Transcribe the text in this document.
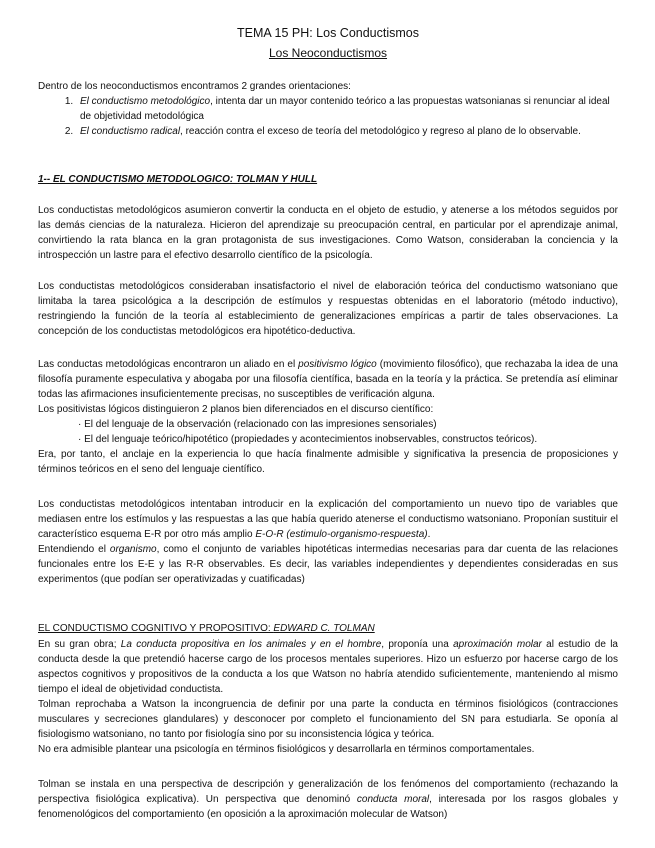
TEMA 15 PH: Los Conductismos
Los Neoconductismos

Dentro de los neoconductismos encontramos 2 grandes orientaciones:

1. El conductismo metodológico, intenta dar un mayor contenido teórico a las propuestas watsonianas si renunciar al ideal de objetividad metodológica
2. El conductismo radical, reacción contra el exceso de teoría del metodológico y regreso al plano de lo observable.

1-- EL CONDUCTISMO METODOLOGICO: TOLMAN Y HULL

Los conductistas metodológicos asumieron convertir la conducta en el objeto de estudio, y atenerse a los métodos seguidos por las demás ciencias de la naturaleza. Hicieron del aprendizaje su preocupación central, en particular por el aprendizaje animal, convirtiendo la rata blanca en la gran protagonista de sus investigaciones. Como Watson, consideraban la conciencia y la introspección un lastre para el efectivo desarrollo científico de la psicología.

Los conductistas metodológicos consideraban insatisfactorio el nivel de elaboración teórica del conductismo watsoniano que limitaba la tarea psicológica a la descripción de estímulos y respuestas obtenidas en el laboratorio (método inductivo), restringiendo la función de la teoría al establecimiento de generalizaciones empíricas a partir de tales observaciones. La concepción de los conductistas metodológicos era hipotético-deductiva.

Las conductas metodológicas encontraron un aliado en el positivismo lógico (movimiento filosófico), que rechazaba la idea de una filosofía puramente especulativa y abogaba por una filosofía científica, basada en la teoría y la práctica. Se pretendía así eliminar todas las afirmaciones insuficientemente precisas, no susceptibles de verificación alguna.

Los positivistas lógicos distinguieron 2 planos bien diferenciados en el discurso científico:

· El del lenguaje de la observación (relacionado con las impresiones sensoriales)

· El del lenguaje teórico/hipotético (propiedades y acontecimientos inobservables, constructos teóricos).

Era, por tanto, el anclaje en la experiencia lo que hacía finalmente admisible y significativa la presencia de proposiciones y términos teóricos en el seno del lenguaje científico.

Los conductistas metodológicos intentaban introducir en la explicación del comportamiento un nuevo tipo de variables que mediasen entre los estímulos y las respuestas a las que había querido atenerse el conductismo watsoniano. Proponían sustituir el característico esquema E-R por otro más amplio E-O-R (estimulo-organismo-respuesta).

Entendiendo el organismo, como el conjunto de variables hipotéticas intermedias necesarias para dar cuenta de las relaciones funcionales entre los E-E y las R-R observables. Es decir, las variables independientes y dependientes consideradas en sus experimentos (que podían ser operativizadas y cuatificadas)

EL CONDUCTISMO COGNITIVO Y PROPOSITIVO: EDWARD C. TOLMAN

En su gran obra; La conducta propositiva en los animales y en el hombre, proponía una aproximación molar al estudio de la conducta desde la que pretendió hacerse cargo de los procesos mentales superiores. Hizo un esfuerzo por hacerse cargo de los aspectos cognitivos y propositivos de la conducta a los que Watson no habría atendido suficientemente, manteniendo al mismo tiempo el ideal de objetividad conductista.

Tolman reprochaba a Watson la incongruencia de definir por una parte la conducta en términos fisiológicos (contracciones musculares y secreciones glandulares) y desconocer por completo el funcionamiento del SN para estudiarla. Se oponía al fisiologismo watsoniano, no tanto por fisiología sino por su inconsistencia lógica y teórica.

No era admisible plantear una psicología en términos fisiológicos y desarrollarla en términos comportamentales.

Tolman se instala en una perspectiva de descripción y generalización de los fenómenos del comportamiento (rechazando la perspectiva fisiológica explicativa). Un perspectiva que denominó conducta moral, interesada por los rasgos globales y fenomenológicos del comportamiento (en oposición a la aproximación molecular de Watson)
